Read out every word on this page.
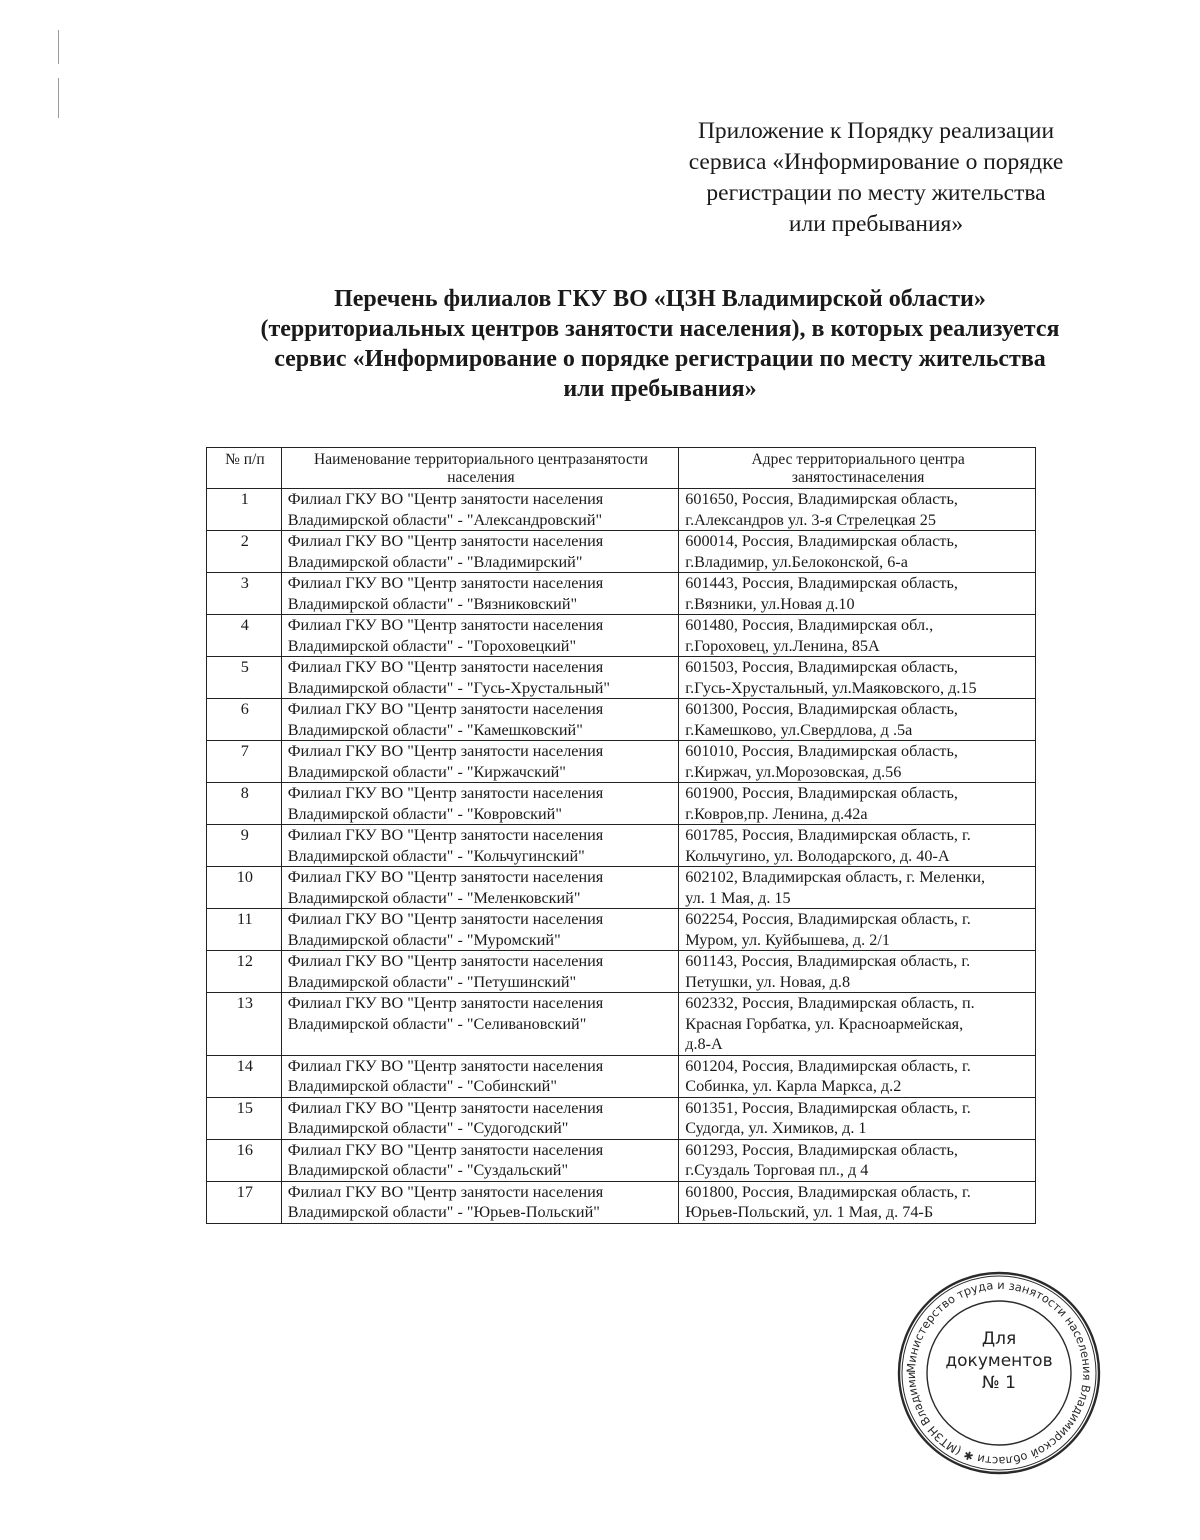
Приложение к Порядку реализации
сервиса «Информирование о порядке
регистрации по месту жительства
или пребывания»
Перечень филиалов ГКУ ВО «ЦЗН Владимирской области»
(территориальных центров занятости населения), в которых реализуется
сервис «Информирование о порядке регистрации по месту жительства
или пребывания»
№ п/п	Наименование территориального центразанятости населения	Адрес территориального центра занятостинаселения
1	Филиал ГКУ ВО "Центр занятости населения
Владимирской области" - "Александровский"	601650, Россия, Владимирская область,
г.Александров ул. 3-я Стрелецкая 25

2	Филиал ГКУ ВО "Центр занятости населения
Владимирской области" - "Владимирский"	600014, Россия, Владимирская область,
г.Владимир, ул.Белоконской, 6-а

3	Филиал ГКУ ВО "Центр занятости населения
Владимирской области" - "Вязниковский"	601443, Россия, Владимирская область,
г.Вязники, ул.Новая д.10

4	Филиал ГКУ ВО "Центр занятости населения
Владимирской области" - "Гороховецкий"	601480, Россия, Владимирская обл.,
г.Гороховец, ул.Ленина, 85А

5	Филиал ГКУ ВО "Центр занятости населения
Владимирской области" - "Гусь-Хрустальный"	601503, Россия, Владимирская область,
г.Гусь-Хрустальный, ул.Маяковского, д.15

6	Филиал ГКУ ВО "Центр занятости населения
Владимирской области" - "Камешковский"	601300, Россия, Владимирская область,
г.Камешково, ул.Свердлова, д .5а

7	Филиал ГКУ ВО "Центр занятости населения
Владимирской области" - "Киржачский"	601010, Россия, Владимирская область,
г.Киржач, ул.Морозовская, д.56

8	Филиал ГКУ ВО "Центр занятости населения
Владимирской области" - "Ковровский"	601900, Россия, Владимирская область,
г.Ковров,пр. Ленина, д.42а

9	Филиал ГКУ ВО "Центр занятости населения
Владимирской области" - "Кольчугинский"	601785, Россия, Владимирская область, г.
Кольчугино, ул. Володарского, д. 40-А

10	Филиал ГКУ ВО "Центр занятости населения
Владимирской области" - "Меленковский"	602102, Владимирская область, г. Меленки,
ул. 1 Мая, д. 15

11	Филиал ГКУ ВО "Центр занятости населения
Владимирской области" - "Муромский"	602254, Россия, Владимирская область, г.
Муром, ул. Куйбышева, д. 2/1

12	Филиал ГКУ ВО "Центр занятости населения
Владимирской области" - "Петушинский"	601143, Россия, Владимирская область, г.
Петушки, ул. Новая, д.8

13	Филиал ГКУ ВО "Центр занятости населения
Владимирской области" - "Селивановский"	602332, Россия, Владимирская область, п.
Красная Горбатка, ул. Красноармейская,
д.8-А

14	Филиал ГКУ ВО "Центр занятости населения
Владимирской области" - "Собинский"	601204, Россия, Владимирская область, г.
Собинка, ул. Карла Маркса, д.2

15	Филиал ГКУ ВО "Центр занятости населения
Владимирской области" - "Судогодский"	601351, Россия, Владимирская область, г.
Судогда, ул. Химиков, д. 1

16	Филиал ГКУ ВО "Центр занятости населения
Владимирской области" - "Суздальский"	601293, Россия, Владимирская область,
г.Суздаль Торговая пл., д 4

17	Филиал ГКУ ВО "Центр занятости населения
Владимирской области" - "Юрьев-Польский"	601800, Россия, Владимирская область, г.
Юрьев-Польский, ул. 1 Мая, д. 74-Б
Министерство труда и занятости населения Владимирской области ✱ (МТЗН Владими
Для
документов
№ 1
